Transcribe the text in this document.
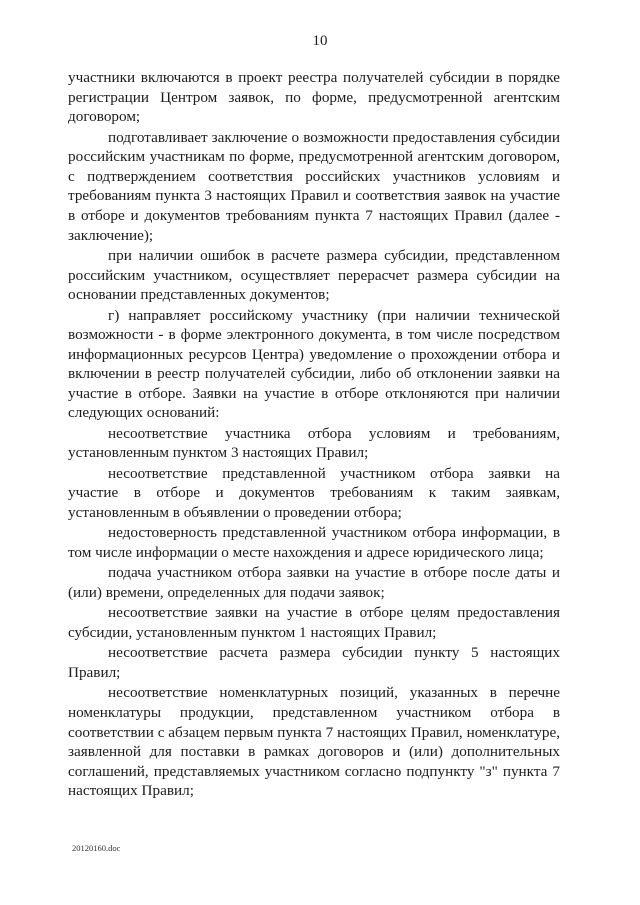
10

участники включаются в проект реестра получателей субсидии в порядке регистрации Центром заявок, по форме, предусмотренной агентским договором;

подготавливает заключение о возможности предоставления субсидии российским участникам по форме, предусмотренной агентским договором, с подтверждением соответствия российских участников условиям и требованиям пункта 3 настоящих Правил и соответствия заявок на участие в отборе и документов требованиям пункта 7 настоящих Правил (далее - заключение);

при наличии ошибок в расчете размера субсидии, представленном российским участником, осуществляет перерасчет размера субсидии на основании представленных документов;

г) направляет российскому участнику (при наличии технической возможности - в форме электронного документа, в том числе посредством информационных ресурсов Центра) уведомление о прохождении отбора и включении в реестр получателей субсидии, либо об отклонении заявки на участие в отборе. Заявки на участие в отборе отклоняются при наличии следующих оснований:

несоответствие участника отбора условиям и требованиям, установленным пунктом 3 настоящих Правил;

несоответствие представленной участником отбора заявки на участие в отборе и документов требованиям к таким заявкам, установленным в объявлении о проведении отбора;

недостоверность представленной участником отбора информации, в том числе информации о месте нахождения и адресе юридического лица;

подача участником отбора заявки на участие в отборе после даты и (или) времени, определенных для подачи заявок;

несоответствие заявки на участие в отборе целям предоставления субсидии, установленным пунктом 1 настоящих Правил;

несоответствие расчета размера субсидии пункту 5 настоящих Правил;

несоответствие номенклатурных позиций, указанных в перечне номенклатуры продукции, представленном участником отбора в соответствии с абзацем первым пункта 7 настоящих Правил, номенклатуре, заявленной для поставки в рамках договоров и (или) дополнительных соглашений, представляемых участником согласно подпункту "з" пункта 7 настоящих Правил;

20120160.doc
